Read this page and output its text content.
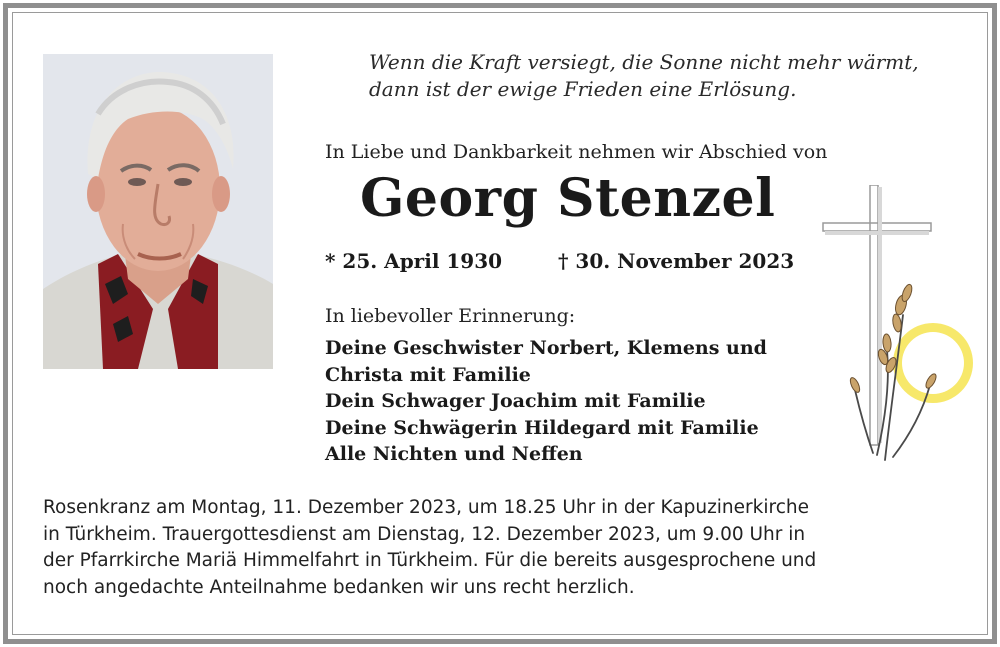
Wenn die Kraft versiegt, die Sonne nicht mehr wärmt,
dann ist der ewige Frieden eine Erlösung.
In Liebe und Dankbarkeit nehmen wir Abschied von
Georg Stenzel
* 25. April 1930	† 30. November 2023
In liebevoller Erinnerung:
Deine Geschwister Norbert, Klemens und
Christa mit Familie
Dein Schwager Joachim mit Familie
Deine Schwägerin Hildegard mit Familie
Alle Nichten und Neffen
Rosenkranz am Montag, 11. Dezember 2023, um 18.25 Uhr in der Kapuzinerkirche
in Türkheim. Trauergottesdienst am Dienstag, 12. Dezember 2023, um 9.00 Uhr in
der Pfarrkirche Mariä Himmelfahrt in Türkheim. Für die bereits ausgesprochene und
noch angedachte Anteilnahme bedanken wir uns recht herzlich.
